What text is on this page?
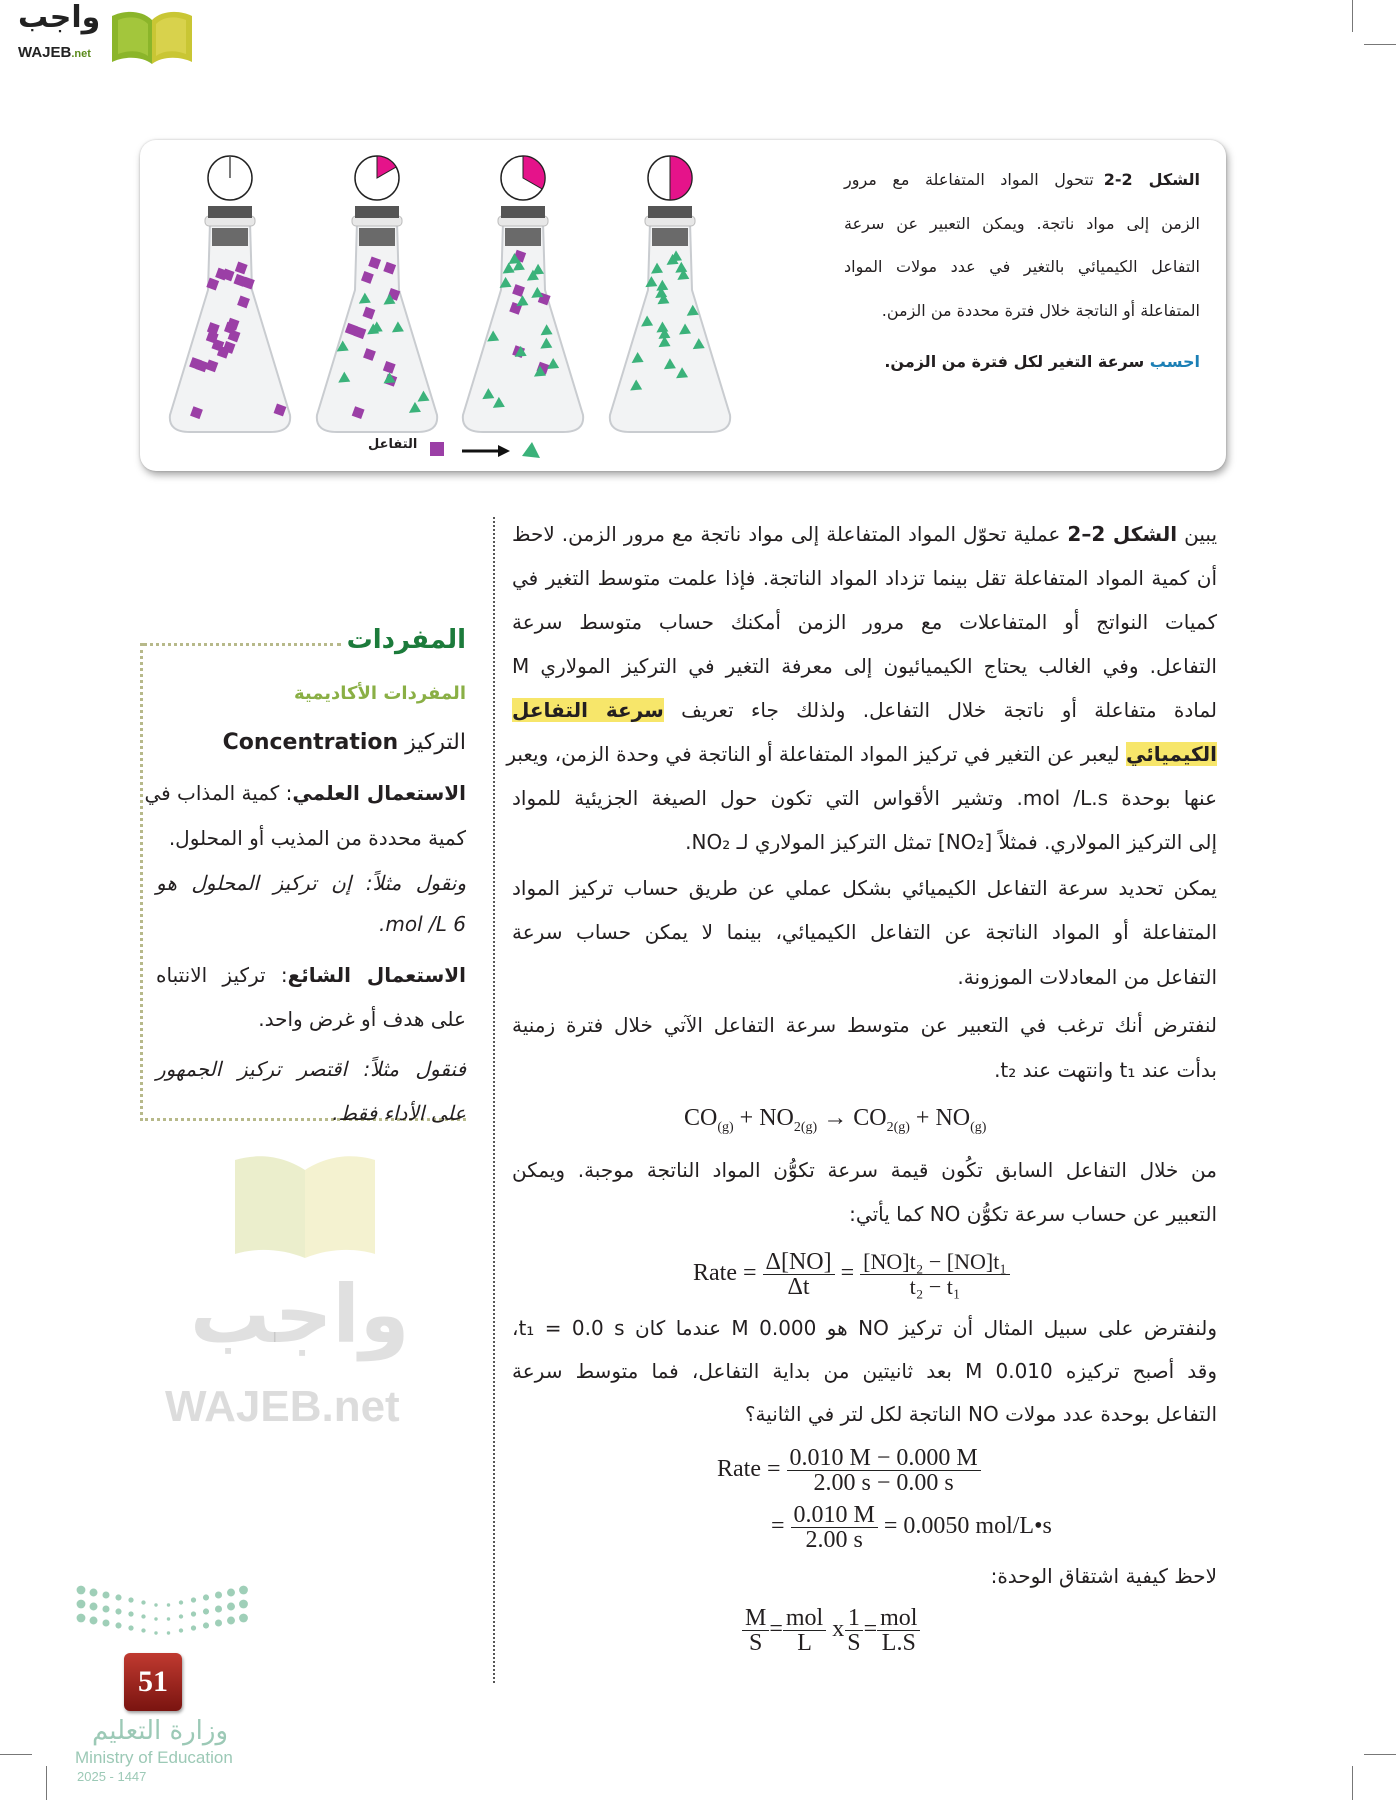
واجب
WAJEB.net
الشكل 2-2تتحول المواد المتفاعلة مع مرور
الزمن إلى مواد ناتجة. ويمكن التعبير عن سرعة
التفاعل الكيميائي بالتغير في عدد مولات المواد
المتفاعلة أو الناتجة خلال فترة محددة من الزمن.
احسب سرعة التغير لكل فترة من الزمن.
التفاعل
واجب
WAJEB.net
يبين الشكل 2–2 عملية تحوّل المواد المتفاعلة إلى مواد ناتجة مع مرور الزمن. لاحظ
أن كمية المواد المتفاعلة تقل بينما تزداد المواد الناتجة. فإذا علمت متوسط التغير في
كميات النواتج أو المتفاعلات مع مرور الزمن أمكنك حساب متوسط سرعة
التفاعل. وفي الغالب يحتاج الكيميائيون إلى معرفة التغير في التركيز المولاري M
لمادة متفاعلة أو ناتجة خلال التفاعل. ولذلك جاء تعريف سرعة التفاعل
الكيميائي ليعبر عن التغير في تركيز المواد المتفاعلة أو الناتجة في وحدة الزمن، ويعبر
عنها بوحدة mol /L.s. وتشير الأقواس التي تكون حول الصيغة الجزيئية للمواد
إلى التركيز المولاري. فمثلاً [NO₂] تمثل التركيز المولاري لـ NO₂.
يمكن تحديد سرعة التفاعل الكيميائي بشكل عملي عن طريق حساب تركيز المواد
المتفاعلة أو المواد الناتجة عن التفاعل الكيميائي، بينما لا يمكن حساب سرعة
التفاعل من المعادلات الموزونة.
لنفترض أنك ترغب في التعبير عن متوسط سرعة التفاعل الآتي خلال فترة زمنية
بدأت عند t₁ وانتهت عند t₂.
من خلال التفاعل السابق تكُون قيمة سرعة تكوُّن المواد الناتجة موجبة. ويمكن
التعبير عن حساب سرعة تكوُّن NO كما يأتي:
ولنفترض على سبيل المثال أن تركيز NO هو 0.000 M عندما كان t₁ = 0.0 s،
وقد أصبح تركيزه 0.010 M بعد ثانيتين من بداية التفاعل، فما متوسط سرعة
التفاعل بوحدة عدد مولات NO الناتجة لكل لتر في الثانية؟
لاحظ كيفية اشتقاق الوحدة:
$CO_{(g)} + NO_{2(g)} \to CO_{2(g)} + NO_{(g)}$
Rate = $\frac{\Delta[NO]}{\Delta t} = \frac{\text{[NO]t₂ − [NO]t₁}}{\text{t₂ − t₁}}$
Rate = $\frac{0.010 M - 0.000 M}{2.00 s - 0.00 s}$
= $\frac{0.010 M}{2.00 s} = 0.0050$ mol/L•s
$\frac{M}{S} = \frac{\text{mol}}{L}$ x $\frac{1}{S} = \frac{\text{mol}}{L.S}$
المفردات
المفردات الأكاديمية
التركيز Concentration
الاستعمال العلمي: كمية المذاب في
كمية محددة من المذيب أو المحلول.
ونقول مثلاً: إن تركيز المحلول هو
6 mol /L.
الاستعمال الشائع: تركيز الانتباه
على هدف أو غرض واحد.
فنقول مثلاً: اقتصر تركيز الجمهور
على الأداء فقط.
وزارة التعليم
Ministry of Education
2025 - 1447
51
